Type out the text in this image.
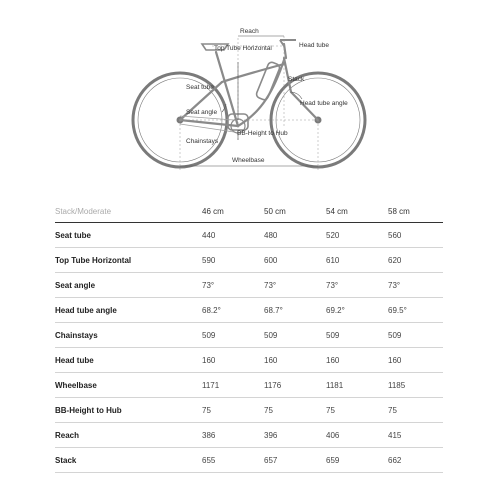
Reach
Head tube
Top Tube Horizontal
Stack
Seat tube
Head tube angle
Seat angle
BB-Height to Hub
Chainstays
Wheelbase
Stack/Moderate	46 cm	50 cm	54 cm	58 cm
Seat tube	440	480	520	560
Top Tube Horizontal	590	600	610	620
Seat angle	73°	73°	73°	73°
Head tube angle	68.2°	68.7°	69.2°	69.5°
Chainstays	509	509	509	509
Head tube	160	160	160	160
Wheelbase	1171	1176	1181	1185
BB-Height to Hub	75	75	75	75
Reach	386	396	406	415
Stack	655	657	659	662
